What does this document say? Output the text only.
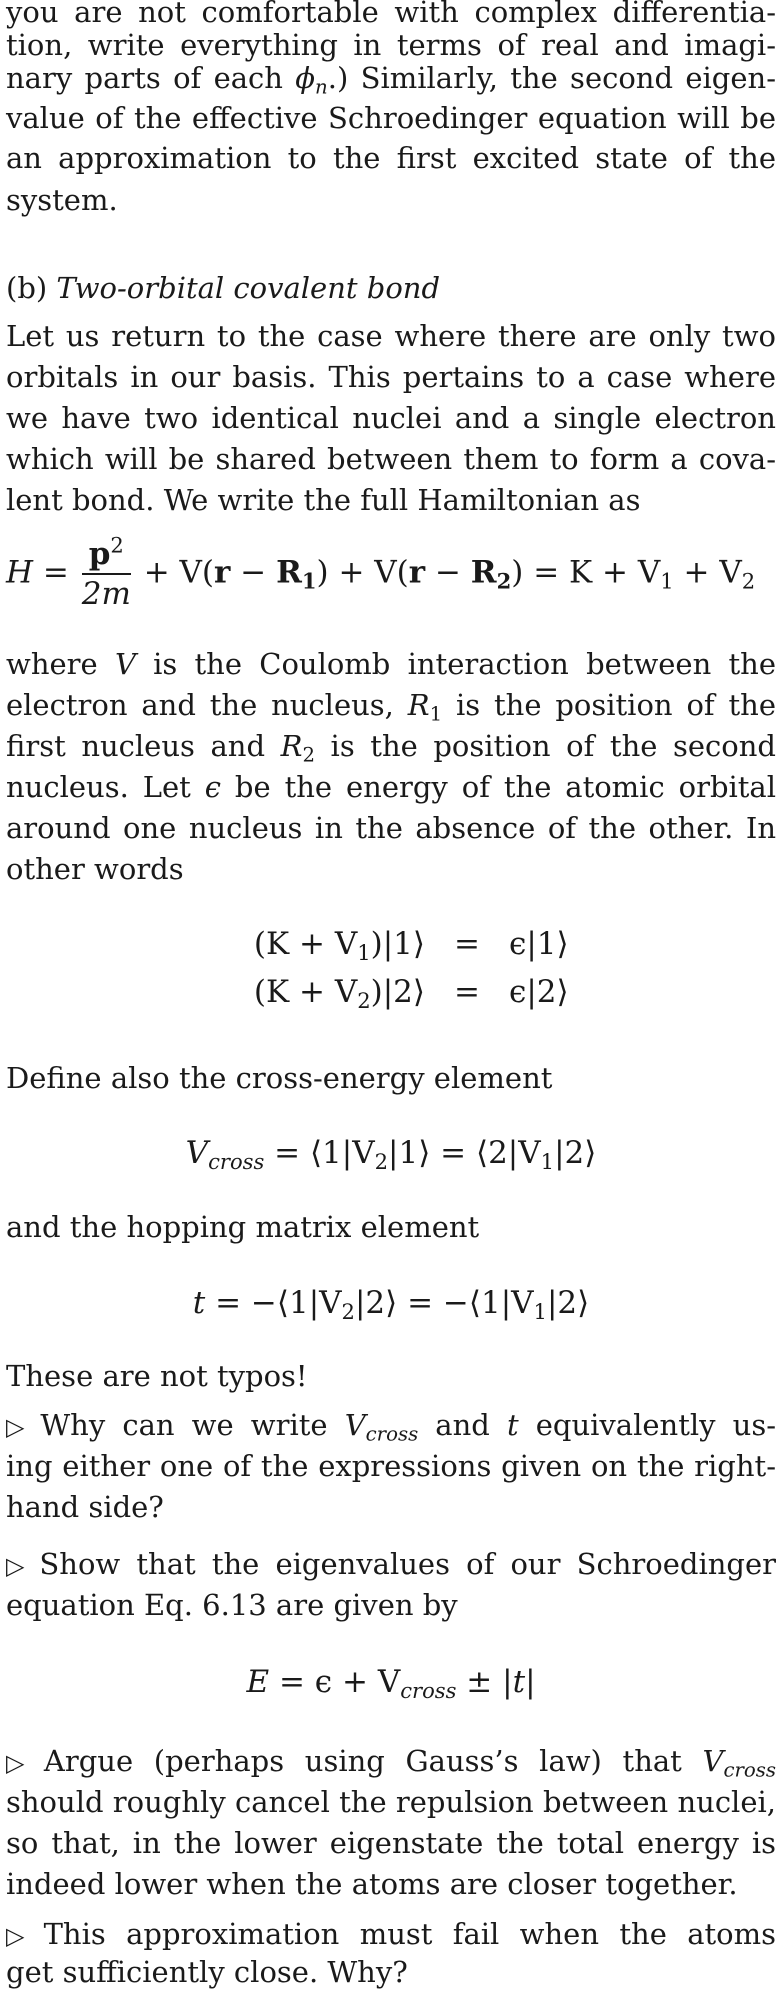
you are not comfortable with complex differentia-
tion, write everything in terms of real and imagi-
nary parts of each $\phi_n$.) Similarly, the second eigen-
value of the effective Schroedinger equation will be
an approximation to the first excited state of the
system.
(b) Two-orbital covalent bond
Let us return to the case where there are only two
orbitals in our basis. This pertains to a case where
we have two identical nuclei and a single electron
which will be shared between them to form a cova-
lent bond. We write the full Hamiltonian as
$H = \frac{p^2}{2m} + V(r - R_1) + V(r - R_2) = K + V_1 + V_2$
where V is the Coulomb interaction between the
electron and the nucleus, $R_1$ is the position of the
first nucleus and $R_2$ is the position of the second
nucleus. Let ϵ be the energy of the atomic orbital
around one nucleus in the absence of the other. In
other words
$(K + V_1)|1⟩$ = ϵ|1⟩
$(K + V_2)|2⟩$ = ϵ|2⟩
Define also the cross-energy element
$V_{cross}$ = $⟨1|V_2|1⟩$ = $⟨2|V_1|2⟩$
and the hopping matrix element
$t = -⟨1|V_2|2⟩$ = $-⟨1|V_1|2⟩$
These are not typos!
▷ Why can we write $V_{cross}$ and t equivalently us-
ing either one of the expressions given on the right-
hand side?
▷ Show that the eigenvalues of our Schroedinger
equation Eq. 6.13 are given by
$E = \epsilon + V_{cross} \pm |t|$
▷ Argue (perhaps using Gauss’s law) that $V_{cross}$
should roughly cancel the repulsion between nuclei,
so that, in the lower eigenstate the total energy is
indeed lower when the atoms are closer together.
▷ This approximation must fail when the atoms
get sufficiently close. Why?
